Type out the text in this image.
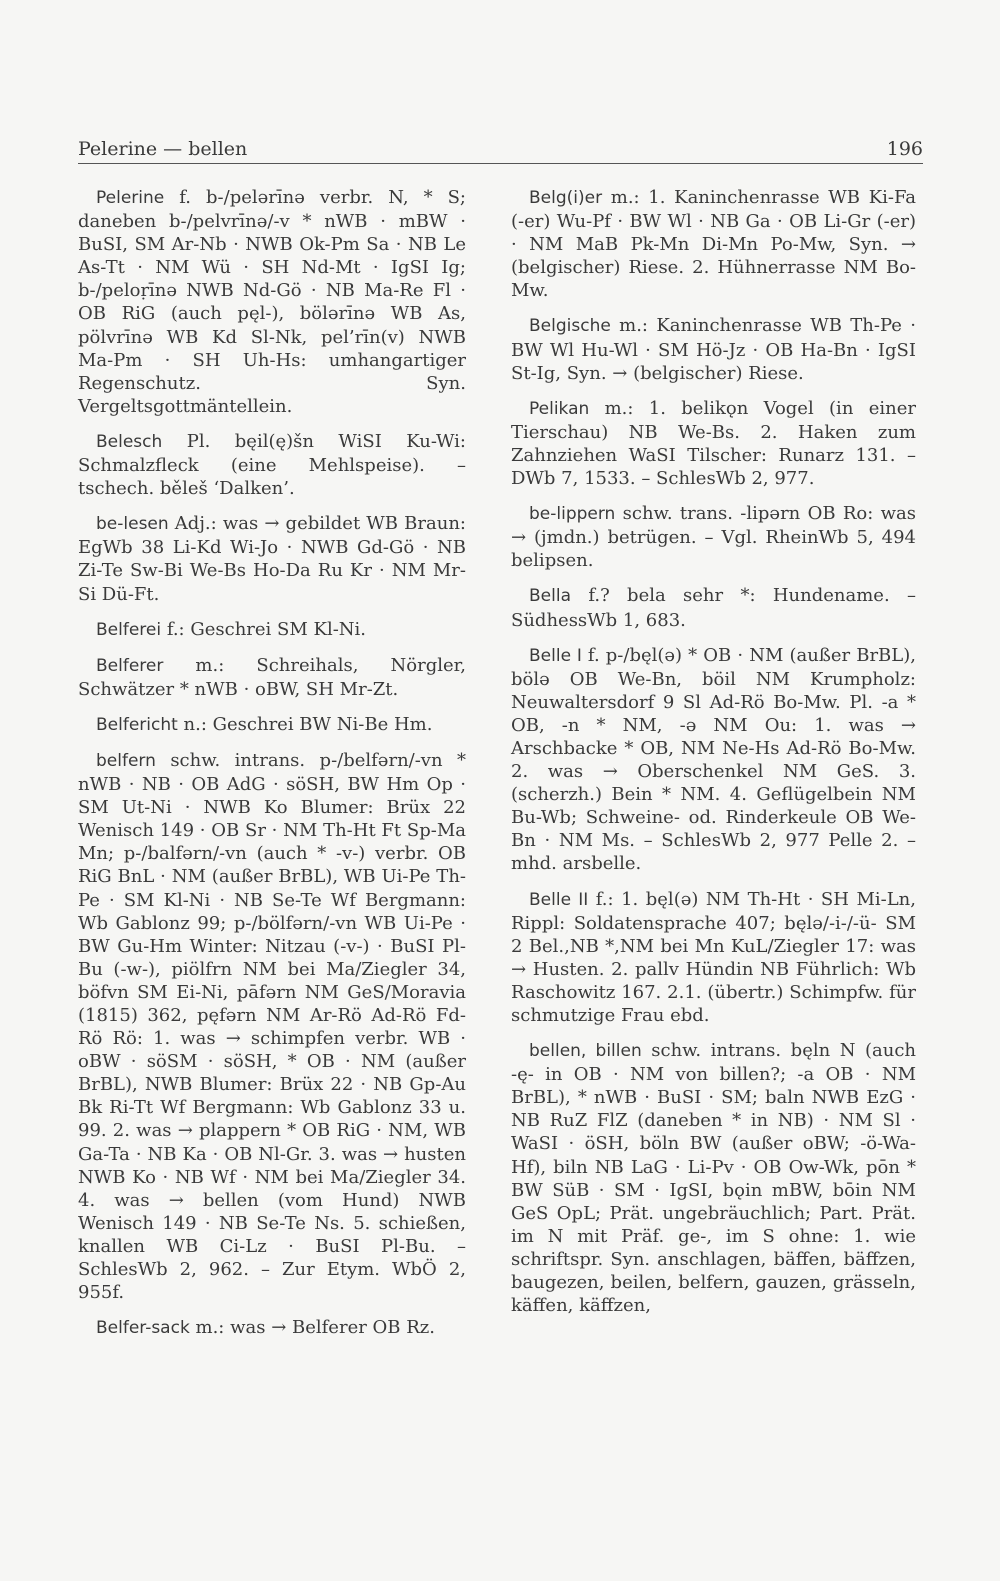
Pelerine — bellen	196

Pelerine f. b-/pelərīnə verbr. N, * S; daneben b-/pelvrīnə/-v * nWB · mBW · BuSI, SM Ar-Nb · NWB Ok-Pm Sa · NB Le As-Tt · NM Wü · SH Nd-Mt · IgSI Ig; b-/peloṛīnə NWB Nd-Gö · NB Ma-Re Fl · OB RiG (auch pęl-), bölərīnə WB As, pölvrīnə WB Kd Sl-Nk, pel’rīn(v) NWB Ma-Pm · SH Uh-Hs: umhangartiger Regenschutz. Syn. Vergeltsgottmäntellein.

Belesch Pl. bęil(ę)šn WiSI Ku-Wi: Schmalzfleck (eine Mehlspeise). – tschech. běleš ‘Dalken’.

be-lesen Adj.: was → gebildet WB Braun: EgWb 38 Li-Kd Wi-Jo · NWB Gd-Gö · NB Zi-Te Sw-Bi We-Bs Ho-Da Ru Kr · NM Mr-Si Dü-Ft.

Belferei f.: Geschrei SM Kl-Ni.

Belferer m.: Schreihals, Nörgler, Schwätzer * nWB · oBW, SH Mr-Zt.

Belfericht n.: Geschrei BW Ni-Be Hm.

belfern schw. intrans. p-/belfərn/-vn * nWB · NB · OB AdG · söSH, BW Hm Op · SM Ut-Ni · NWB Ko Blumer: Brüx 22 Wenisch 149 · OB Sr · NM Th-Ht Ft Sp-Ma Mn; p-/balfərn/-vn (auch * -v-) verbr. OB RiG BnL · NM (außer BrBL), WB Ui-Pe Th-Pe · SM Kl-Ni · NB Se-Te Wf Bergmann: Wb Gablonz 99; p-/bölfərn/-vn WB Ui-Pe · BW Gu-Hm Winter: Nitzau (-v-) · BuSI Pl-Bu (-w-), piölfrn NM bei Ma/Ziegler 34, böfvn SM Ei-Ni, pāfərn NM GeS/Moravia (1815) 362, pęfərn NM Ar-Rö Ad-Rö Fd-Rö Rö: 1. was → schimpfen verbr. WB · oBW · söSM · söSH, * OB · NM (außer BrBL), NWB Blumer: Brüx 22 · NB Gp-Au Bk Ri-Tt Wf Bergmann: Wb Gablonz 33 u. 99. 2. was → plappern * OB RiG · NM, WB Ga-Ta · NB Ka · OB Nl-Gr. 3. was → husten NWB Ko · NB Wf · NM bei Ma/Ziegler 34. 4. was → bellen (vom Hund) NWB Wenisch 149 · NB Se-Te Ns. 5. schießen, knallen WB Ci-Lz · BuSI Pl-Bu. – SchlesWb 2, 962. – Zur Etym. WbÖ 2, 955f.

Belfer-sack m.: was → Belferer OB Rz.

Belg(i)er m.: 1. Kaninchenrasse WB Ki-Fa (-er) Wu-Pf · BW Wl · NB Ga · OB Li-Gr (-er) · NM MaB Pk-Mn Di-Mn Po-Mw, Syn. → (belgischer) Riese. 2. Hühnerrasse NM Bo-Mw.

Belgische m.: Kaninchenrasse WB Th-Pe · BW Wl Hu-Wl · SM Hö-Jz · OB Ha-Bn · IgSI St-Ig, Syn. → (belgischer) Riese.

Pelikan m.: 1. belikǫn Vogel (in einer Tierschau) NB We-Bs. 2. Haken zum Zahnziehen WaSI Tilscher: Runarz 131. – DWb 7, 1533. – SchlesWb 2, 977.

be-lippern schw. trans. -lipərn OB Ro: was → (jmdn.) betrügen. – Vgl. RheinWb 5, 494 belipsen.

Bella f.? bela sehr *: Hundename. – SüdhessWb 1, 683.

Belle I f. p-/bęl(ə) * OB · NM (außer BrBL), bölə OB We-Bn, böil NM Krumpholz: Neuwaltersdorf 9 Sl Ad-Rö Bo-Mw. Pl. -a * OB, -n * NM, -ə NM Ou: 1. was → Arschbacke * OB, NM Ne-Hs Ad-Rö Bo-Mw. 2. was → Oberschenkel NM GeS. 3. (scherzh.) Bein * NM. 4. Geflügelbein NM Bu-Wb; Schweine- od. Rinderkeule OB We-Bn · NM Ms. – SchlesWb 2, 977 Pelle 2. – mhd. arsbelle.

Belle II f.: 1. bęl(ə) NM Th-Ht · SH Mi-Ln, Rippl: Soldatensprache 407; bęlə/-i-/-ü- SM 2 Bel.,NB *,NM bei Mn KuL/Ziegler 17: was → Husten. 2. pallv Hündin NB Führlich: Wb Raschowitz 167. 2.1. (übertr.) Schimpfw. für schmutzige Frau ebd.

bellen, billen schw. intrans. bęln N (auch -ę- in OB · NM von billen?; -a OB · NM BrBL), * nWB · BuSI · SM; baln NWB EzG · NB RuZ FlZ (daneben * in NB) · NM Sl · WaSI · öSH, böln BW (außer oBW; -ö-Wa-Hf), biln NB LaG · Li-Pv · OB Ow-Wk, pōn * BW SüB · SM · IgSI, bǫin mBW, bōin NM GeS OpL; Prät. ungebräuchlich; Part. Prät. im N mit Präf. ge-, im S ohne: 1. wie schriftspr. Syn. anschlagen, bäffen, bäffzen, baugezen, beilen, belfern, gauzen, grässeln, käffen, käffzen,
